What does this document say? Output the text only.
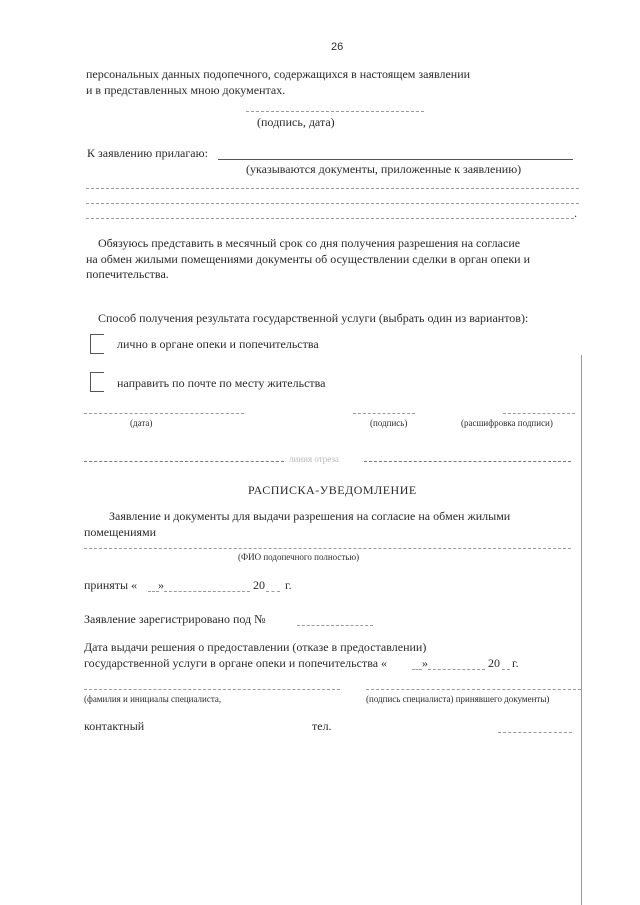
26
персональных данных подопечного, содержащихся в настоящем заявлении
и в представленных мною документах.
(подпись, дата)
К заявлению прилагаю:
(указываются документы, приложенные к заявлению)
.
Обязуюсь представить в месячный срок со дня получения разрешения на согласие
на обмен жилыми помещениями документы об осуществлении сделки в орган опеки и
попечительства.
Способ получения результата государственной услуги (выбрать один из вариантов):
лично в органе опеки и попечительства
направить по почте по месту жительства
(дата)	(подпись)	(расшифровка подписи)
линия отреза
РАСПИСКА-УВЕДОМЛЕНИЕ
Заявление и документы для выдачи разрешения на согласие на обмен жилыми
помещениями
(ФИО подопечного полностью)
приняты « »	20 г.
Заявление зарегистрировано под №
Дата выдачи решения о предоставлении (отказе в предоставлении)
государственной услуги в органе опеки и попечительства «	»	20 г.
(фамилия и инициалы специалиста,	(подпись специалиста) принявшего документы)
контактный	тел.
